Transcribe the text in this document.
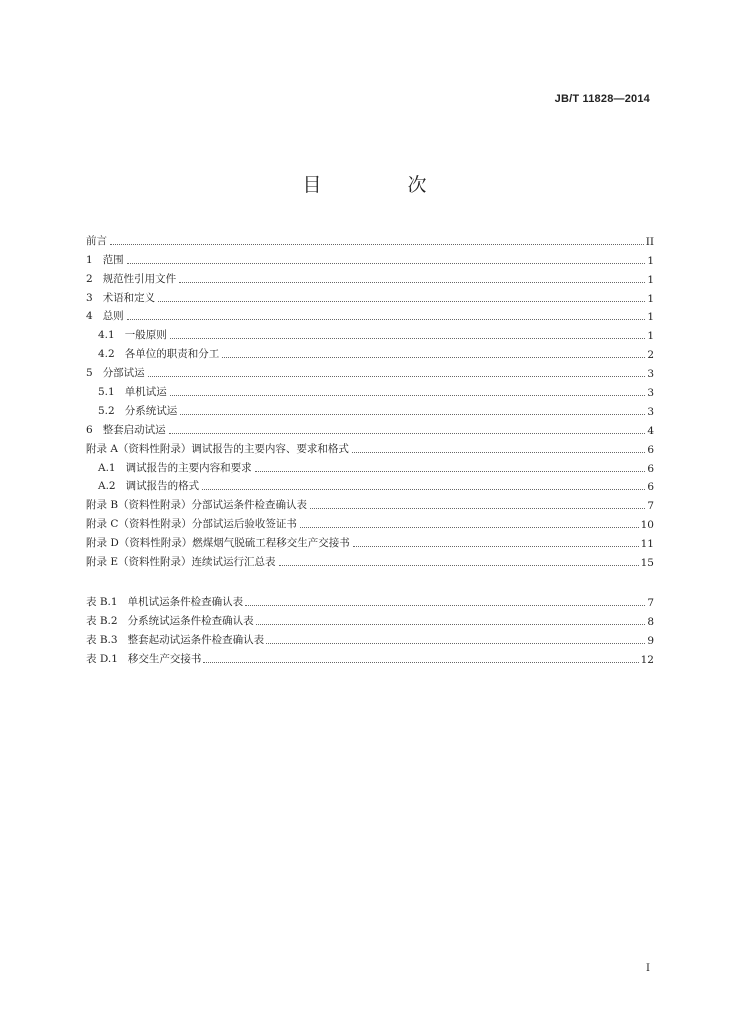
JB/T 11828—2014
目 次
前言	II
1 范围	1
2 规范性引用文件	1
3 术语和定义	1
4 总则	1
4.1 一般原则	1
4.2 各单位的职责和分工	2
5 分部试运	3
5.1 单机试运	3
5.2 分系统试运	3
6 整套启动试运	4
附录 A（资料性附录）调试报告的主要内容、要求和格式	6
A.1 调试报告的主要内容和要求	6
A.2 调试报告的格式	6
附录 B（资料性附录）分部试运条件检查确认表	7
附录 C（资料性附录）分部试运后验收签证书	10
附录 D（资料性附录）燃煤烟气脱硫工程移交生产交接书	11
附录 E（资料性附录）连续试运行汇总表	15
表 B.1 单机试运条件检查确认表	7
表 B.2 分系统试运条件检查确认表	8
表 B.3 整套起动试运条件检查确认表	9
表 D.1 移交生产交接书	12
I
